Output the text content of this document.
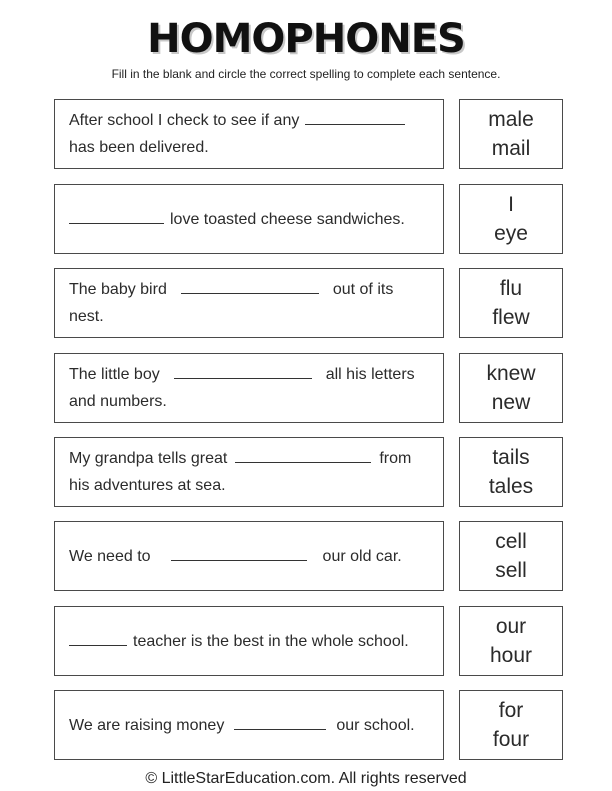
HOMOPHONES
Fill in the blank and circle the correct spelling to complete each sentence.
After school I check to see if anyhas been delivered.
male
mail
love toasted cheese sandwiches.
I
eye
The baby bird	out of its nest.
flu
flew
The little boy	all his letters and numbers.
knew
new
My grandpa tells great	from his adventures at sea.
tails
tales
We need to	our old car.
cell
sell
teacher is the best in the whole school.
our
hour
We are raising money	our school.
for
four
© LittleStarEducation.com. All rights reserved
